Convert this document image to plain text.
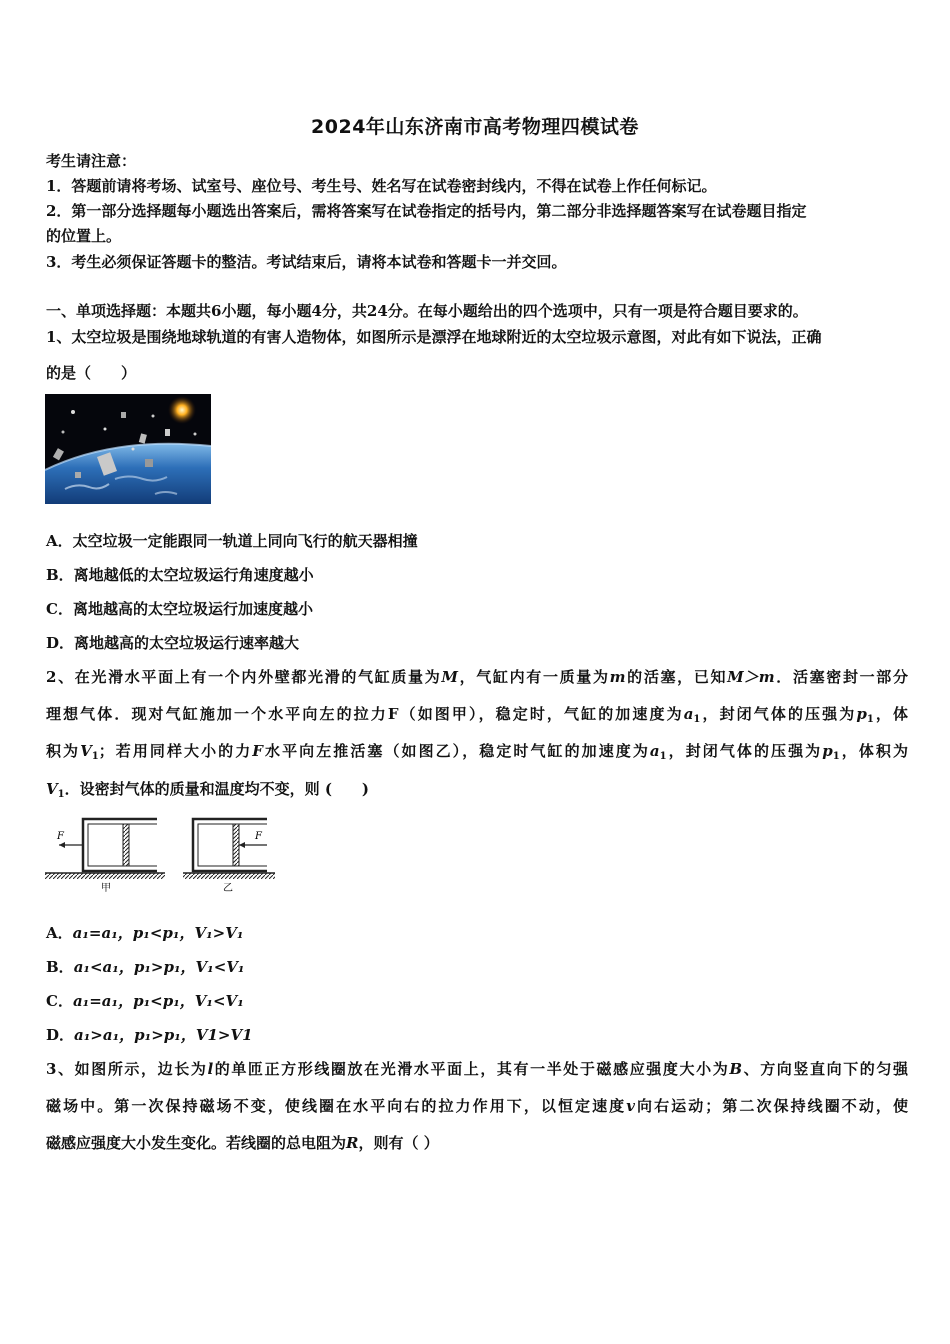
2024年山东济南市高考物理四模试卷
考生请注意：
1．答题前请将考场、试室号、座位号、考生号、姓名写在试卷密封线内，不得在试卷上作任何标记。
2．第一部分选择题每小题选出答案后，需将答案写在试卷指定的括号内，第二部分非选择题答案写在试卷题目指定
的位置上。
3．考生必须保证答题卡的整洁。考试结束后，请将本试卷和答题卡一并交回。
一、单项选择题：本题共6小题，每小题4分，共24分。在每小题给出的四个选项中，只有一项是符合题目要求的。
1、太空垃圾是围绕地球轨道的有害人造物体，如图所示是漂浮在地球附近的太空垃圾示意图，对此有如下说法，正确
的是（　　）
A．太空垃圾一定能跟同一轨道上同向飞行的航天器相撞
B．离地越低的太空垃圾运行角速度越小
C．离地越高的太空垃圾运行加速度越小
D．离地越高的太空垃圾运行速率越大
2、在光滑水平面上有一个内外壁都光滑的气缸质量为M，气缸内有一质量为m的活塞，已知M＞m．活塞密封一部分
理想气体．现对气缸施加一个水平向左的拉力F（如图甲），稳定时，气缸的加速度为$a_1$，封闭气体的压强为$p_1$，体
积为$V_1$；若用同样大小的力F水平向左推活塞（如图乙），稳定时气缸的加速度为$a_1$，封闭气体的压强为$p_1$，体积为
$V_1$．设密封气体的质量和温度均不变，则 (　　)
F
甲
F
乙
A．a₁=a₁，p₁<p₁，V₁>V₁
B．a₁<a₁，p₁>p₁，V₁<V₁
C．a₁=a₁，p₁<p₁，V₁<V₁
D．a₁>a₁，p₁>p₁，V1>V1
3、如图所示，边长为l的单匝正方形线圈放在光滑水平面上，其有一半处于磁感应强度大小为B、方向竖直向下的匀强
磁场中。第一次保持磁场不变，使线圈在水平向右的拉力作用下，以恒定速度v向右运动；第二次保持线圈不动，使
磁感应强度大小发生变化。若线圈的总电阻为R，则有（ ）
